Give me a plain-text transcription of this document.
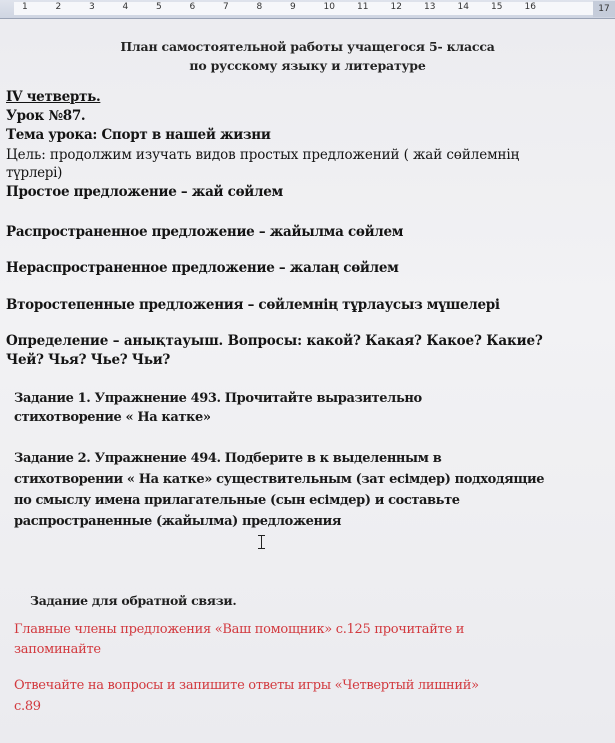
1	2	3	4	5	6	7	8	9	10 11 12 13 14 15 16	17
План самостоятельной работы учащегося 5- класса
по русскому языку и литературе
IV четверть.
Урок №87.
Тема урока: Спорт в нашей жизни
Цель: продолжим изучать видов простых предложений ( жай сөйлемнің
түрлері)
Простое предложение – жай сөйлем
Распространенное предложение – жайылма сөйлем
Нераспространенное предложение – жалаң сөйлем
Второстепенные предложения – сөйлемнің тұрлаусыз мүшелері
Определение – анықтауыш. Вопросы: какой? Какая? Какое? Какие?
Чей? Чья? Чье? Чьи?
Задание 1. Упражнение 493. Прочитайте выразительно
стихотворение « На катке»
Задание 2. Упражнение 494. Подберите в к выделенным в
стихотворении « На катке» существительным (зат есімдер) подходящие
по смыслу имена прилагательные (сын есімдер) и составьте
распространенные (жайылма) предложения
Задание для обратной связи.
Главные члены предложения «Ваш помощник» с.125 прочитайте и
запоминайте
Отвечайте на вопросы и запишите ответы игры «Четвертый лишний»
с.89
